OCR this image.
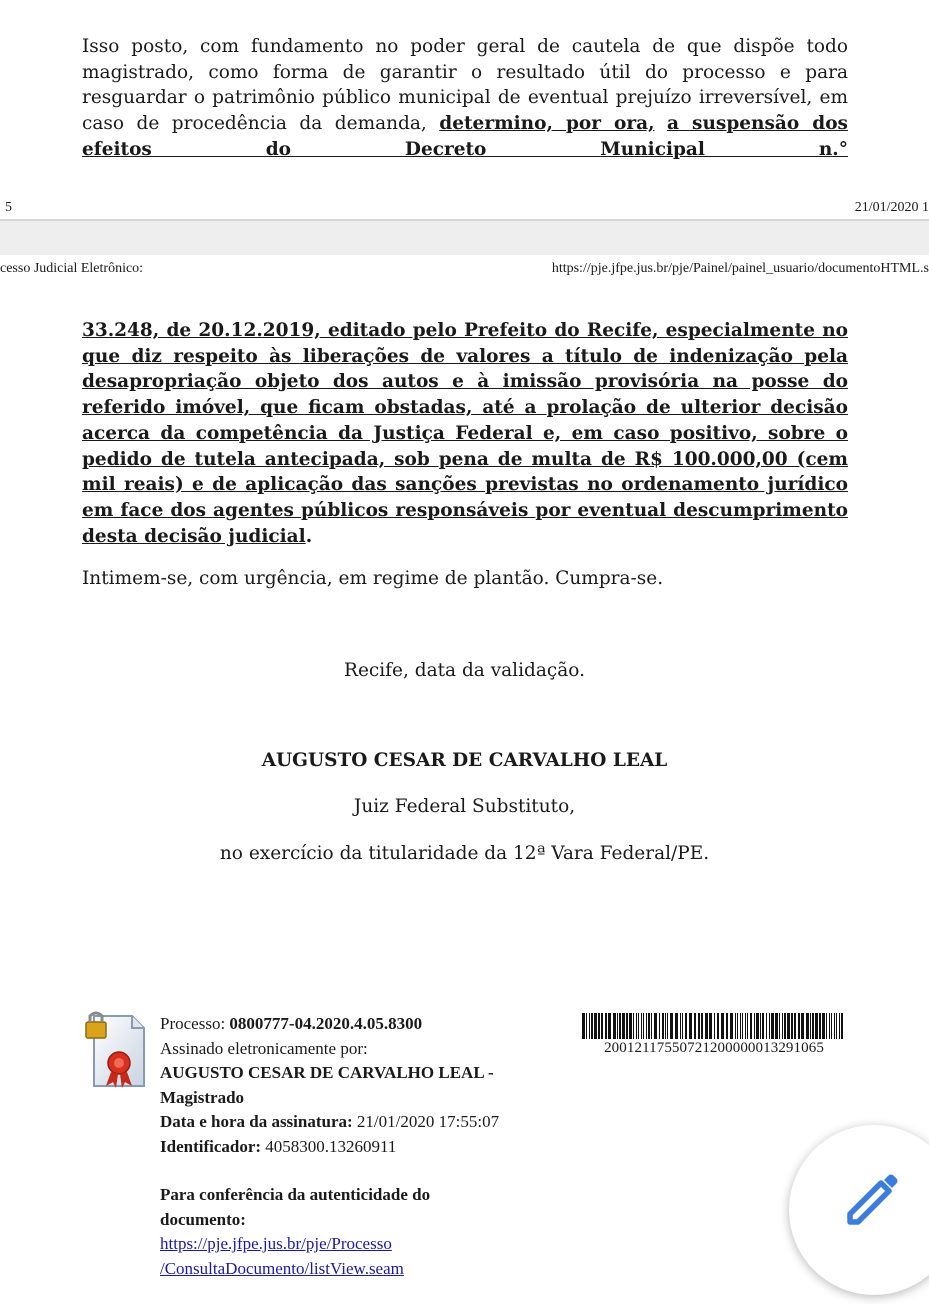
Isso posto, com fundamento no poder geral de cautela de que dispõe todo magistrado, como forma de garantir o resultado útil do processo e para resguardar o patrimônio público municipal de eventual prejuízo irreversível, em caso de procedência da demanda, determino, por ora, a suspensão dos efeitos do Decreto Municipal n.°
5	21/01/2020 1
cesso Judicial Eletrônico:	https://pje.jfpe.jus.br/pje/Painel/painel_usuario/documentoHTML.s
33.248, de 20.12.2019, editado pelo Prefeito do Recife, especialmente no que diz respeito às liberações de valores a título de indenização pela desapropriação objeto dos autos e à imissão provisória na posse do referido imóvel, que ficam obstadas, até a prolação de ulterior decisão acerca da competência da Justiça Federal e, em caso positivo, sobre o pedido de tutela antecipada, sob pena de multa de R$ 100.000,00 (cem mil reais) e de aplicação das sanções previstas no ordenamento jurídico em face dos agentes públicos responsáveis por eventual descumprimento desta decisão judicial.
Intimem-se, com urgência, em regime de plantão. Cumpra-se.
Recife, data da validação.
AUGUSTO CESAR DE CARVALHO LEAL
Juiz Federal Substituto,
no exercício da titularidade da 12ª Vara Federal/PE.
Processo: 0800777-04.2020.4.05.8300
Assinado eletronicamente por:
AUGUSTO CESAR DE CARVALHO LEAL -
Magistrado
Data e hora da assinatura: 21/01/2020 17:55:07
Identificador: 4058300.13260911
Para conferência da autenticidade do
documento:
https://pje.jfpe.jus.br/pje/Processo
/ConsultaDocumento/listView.seam
20012117550721200000013291065
